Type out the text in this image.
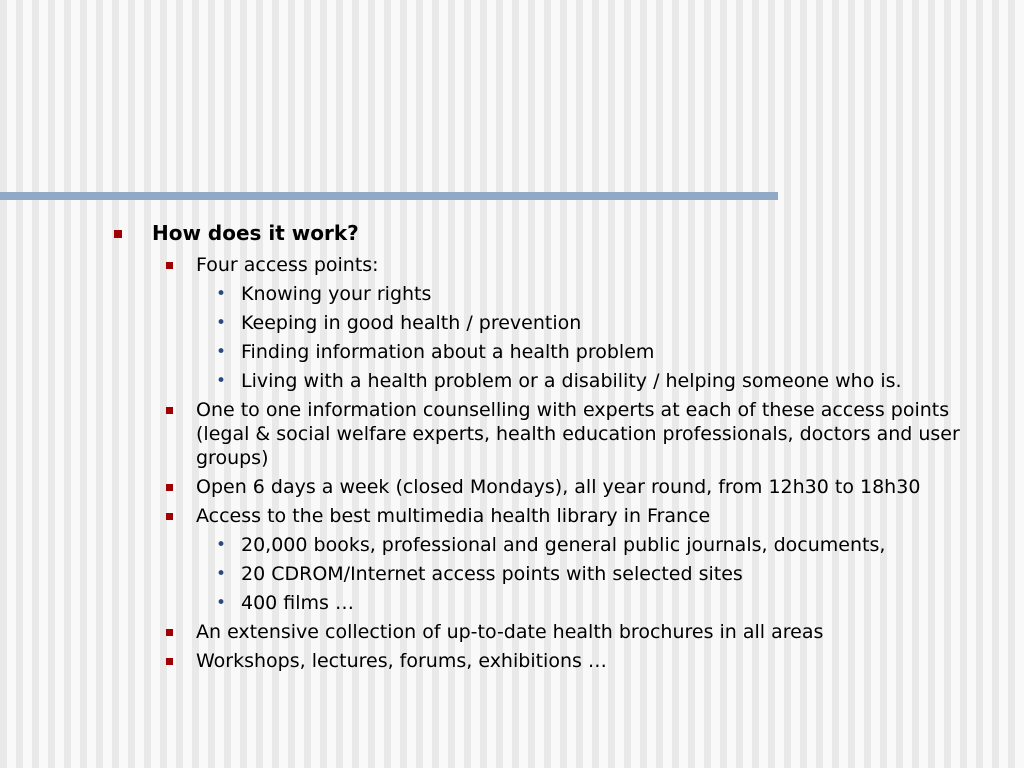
How does it work?
Four access points:
• Knowing your rights
• Keeping in good health / prevention
• Finding information about a health problem
• Living with a health problem or a disability / helping someone who is.
One to one information counselling with experts at each of these access points (legal & social welfare experts, health education professionals, doctors and user groups)
Open 6 days a week (closed Mondays), all year round, from 12h30 to 18h30
Access to the best multimedia health library in France
• 20,000 books, professional and general public journals, documents,
• 20 CDROM/Internet access points with selected sites
• 400 films …
An extensive collection of up-to-date health brochures in all areas
Workshops, lectures, forums, exhibitions …
